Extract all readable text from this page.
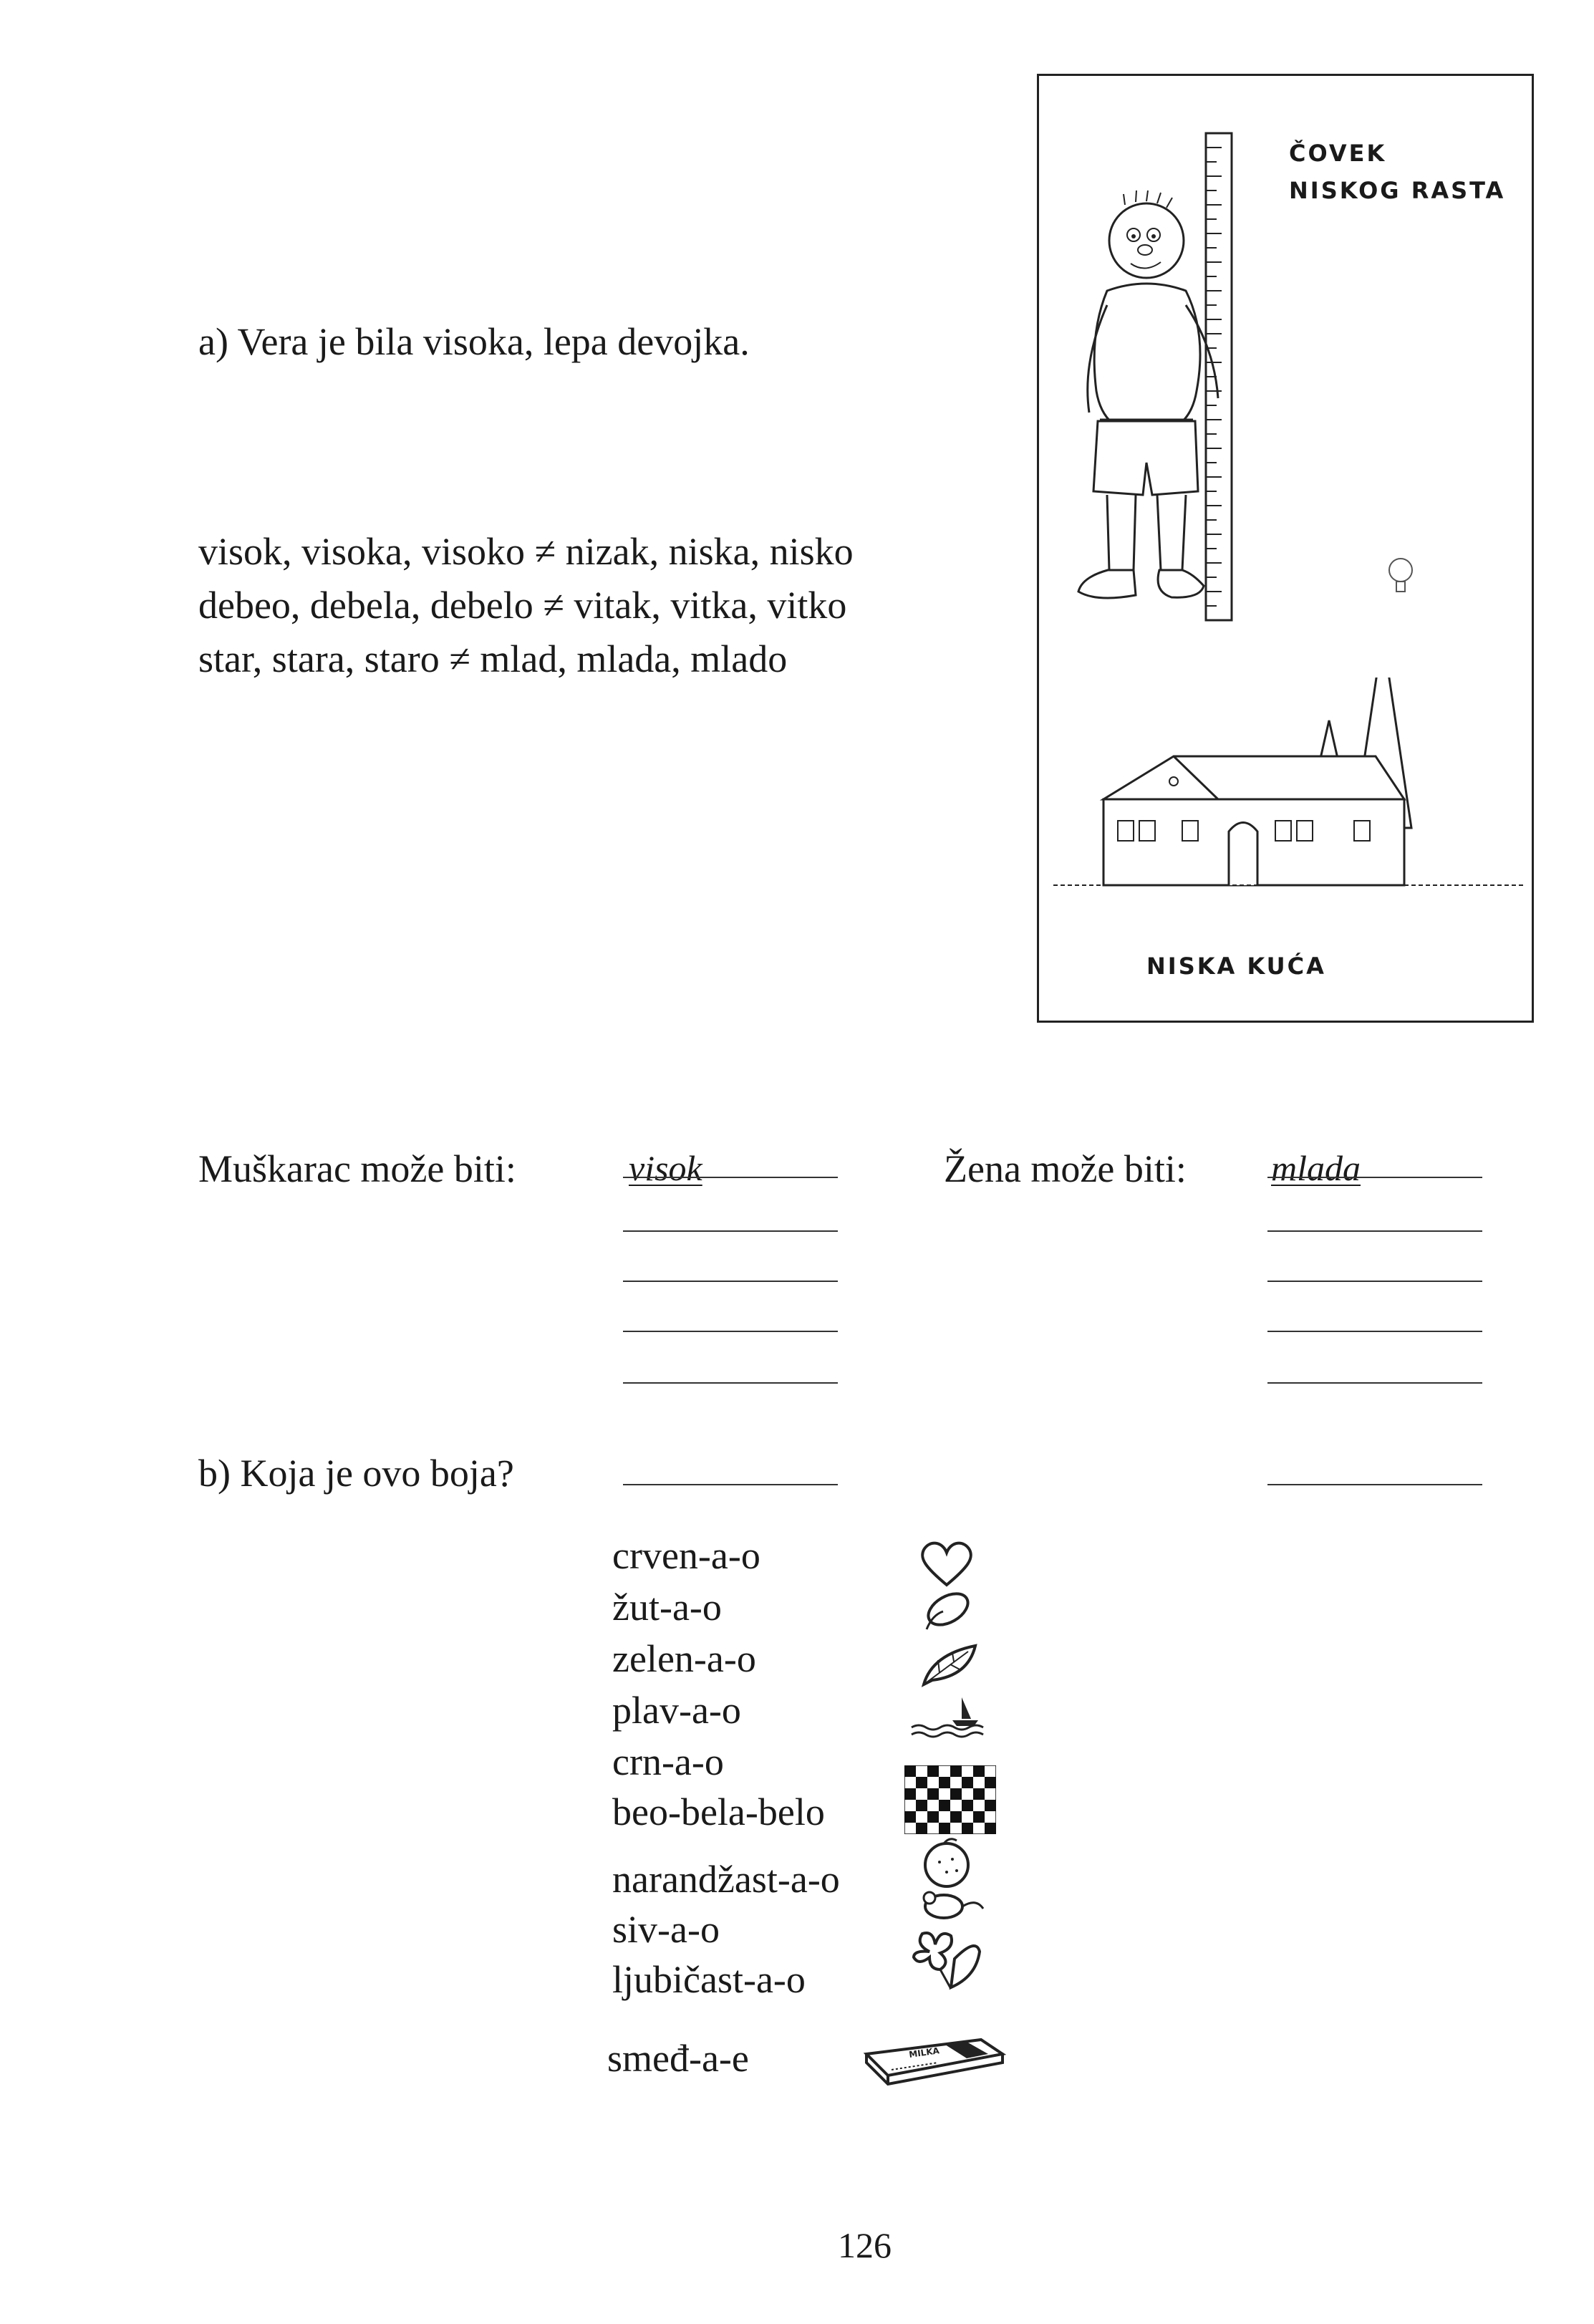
a) Vera je bila visoka, lepa devojka.
visok, visoka, visoko ≠ nizak, niska, nisko
debeo, debela, debelo ≠ vitak, vitka, vitko
star, stara, staro ≠ mlad, mlada, mlado
ČOVEK
NISKOG RASTA
NISKA KUĆA
Muškarac može biti:	visok	Žena može biti: mlada
b) Koja je ovo boja?
crven-a-o
žut-a-o
zelen-a-o
plav-a-o
crn-a-o
beo-bela-belo
narandžast-a-o
siv-a-o
ljubičast-a-o
smeđ-a-e	MILKA
126
